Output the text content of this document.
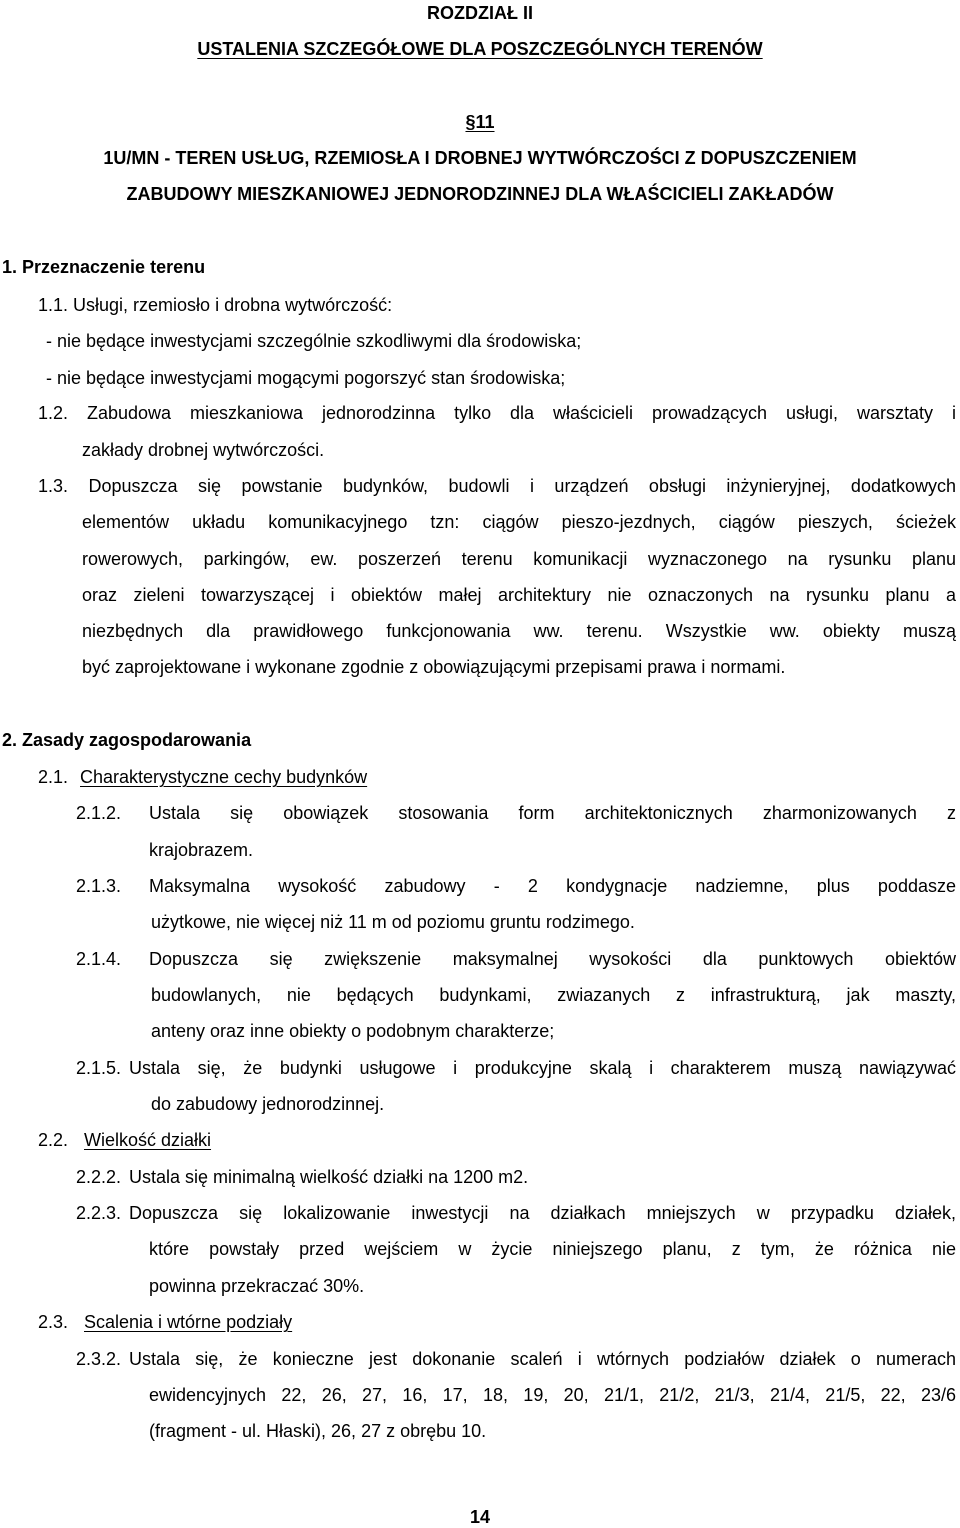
ROZDZIAŁ II
USTALENIA SZCZEGÓŁOWE DLA POSZCZEGÓLNYCH TERENÓW
§11
1U/MN - TEREN USŁUG, RZEMIOSŁA I DROBNEJ WYTWÓRCZOŚCI Z DOPUSZCZENIEM
ZABUDOWY MIESZKANIOWEJ JEDNORODZINNEJ DLA WŁAŚCICIELI ZAKŁADÓW
1. Przeznaczenie terenu
1.1. Usługi, rzemiosło i drobna wytwórczość:
- nie będące inwestycjami szczególnie szkodliwymi dla środowiska;
- nie będące inwestycjami mogącymi pogorszyć stan środowiska;
1.2. Zabudowa mieszkaniowa jednorodzinna tylko dla właścicieli prowadzących usługi, warsztaty i
zakłady drobnej wytwórczości.
1.3. Dopuszcza się powstanie budynków, budowli i urządzeń obsługi inżynieryjnej, dodatkowych
elementów układu komunikacyjnego tzn: ciągów pieszo-jezdnych, ciągów pieszych, ścieżek
rowerowych, parkingów, ew. poszerzeń terenu komunikacji wyznaczonego na rysunku planu
oraz zieleni towarzyszącej i obiektów małej architektury nie oznaczonych na rysunku planu a
niezbędnych dla prawidłowego funkcjonowania ww. terenu. Wszystkie ww. obiekty muszą
być zaprojektowane i wykonane zgodnie z obowiązującymi przepisami prawa i normami.
2. Zasady zagospodarowania
2.1. Charakterystyczne cechy budynków
2.1.2. Ustala się obowiązek stosowania form architektonicznych zharmonizowanych z
krajobrazem.
2.1.3. Maksymalna wysokość zabudowy - 2 kondygnacje nadziemne, plus poddasze
użytkowe, nie więcej niż 11 m od poziomu gruntu rodzimego.
2.1.4. Dopuszcza się zwiększenie maksymalnej wysokości dla punktowych obiektów
budowlanych, nie będących budynkami, zwiazanych z infrastrukturą, jak maszty,
anteny oraz inne obiekty o podobnym charakterze;
2.1.5. Ustala się, że budynki usługowe i produkcyjne skalą i charakterem muszą nawiązywać
do zabudowy jednorodzinnej.
2.2. Wielkość działki
2.2.2. Ustala się minimalną wielkość działki na 1200 m2.
2.2.3. Dopuszcza się lokalizowanie inwestycji na działkach mniejszych w przypadku działek,
które powstały przed wejściem w życie niniejszego planu, z tym, że różnica nie
powinna przekraczać 30%.
2.3. Scalenia i wtórne podziały
2.3.2. Ustala się, że konieczne jest dokonanie scaleń i wtórnych podziałów działek o numerach
ewidencyjnych 22, 26, 27, 16, 17, 18, 19, 20, 21/1, 21/2, 21/3, 21/4, 21/5, 22, 23/6
(fragment - ul. Hłaski), 26, 27 z obrębu 10.
14
